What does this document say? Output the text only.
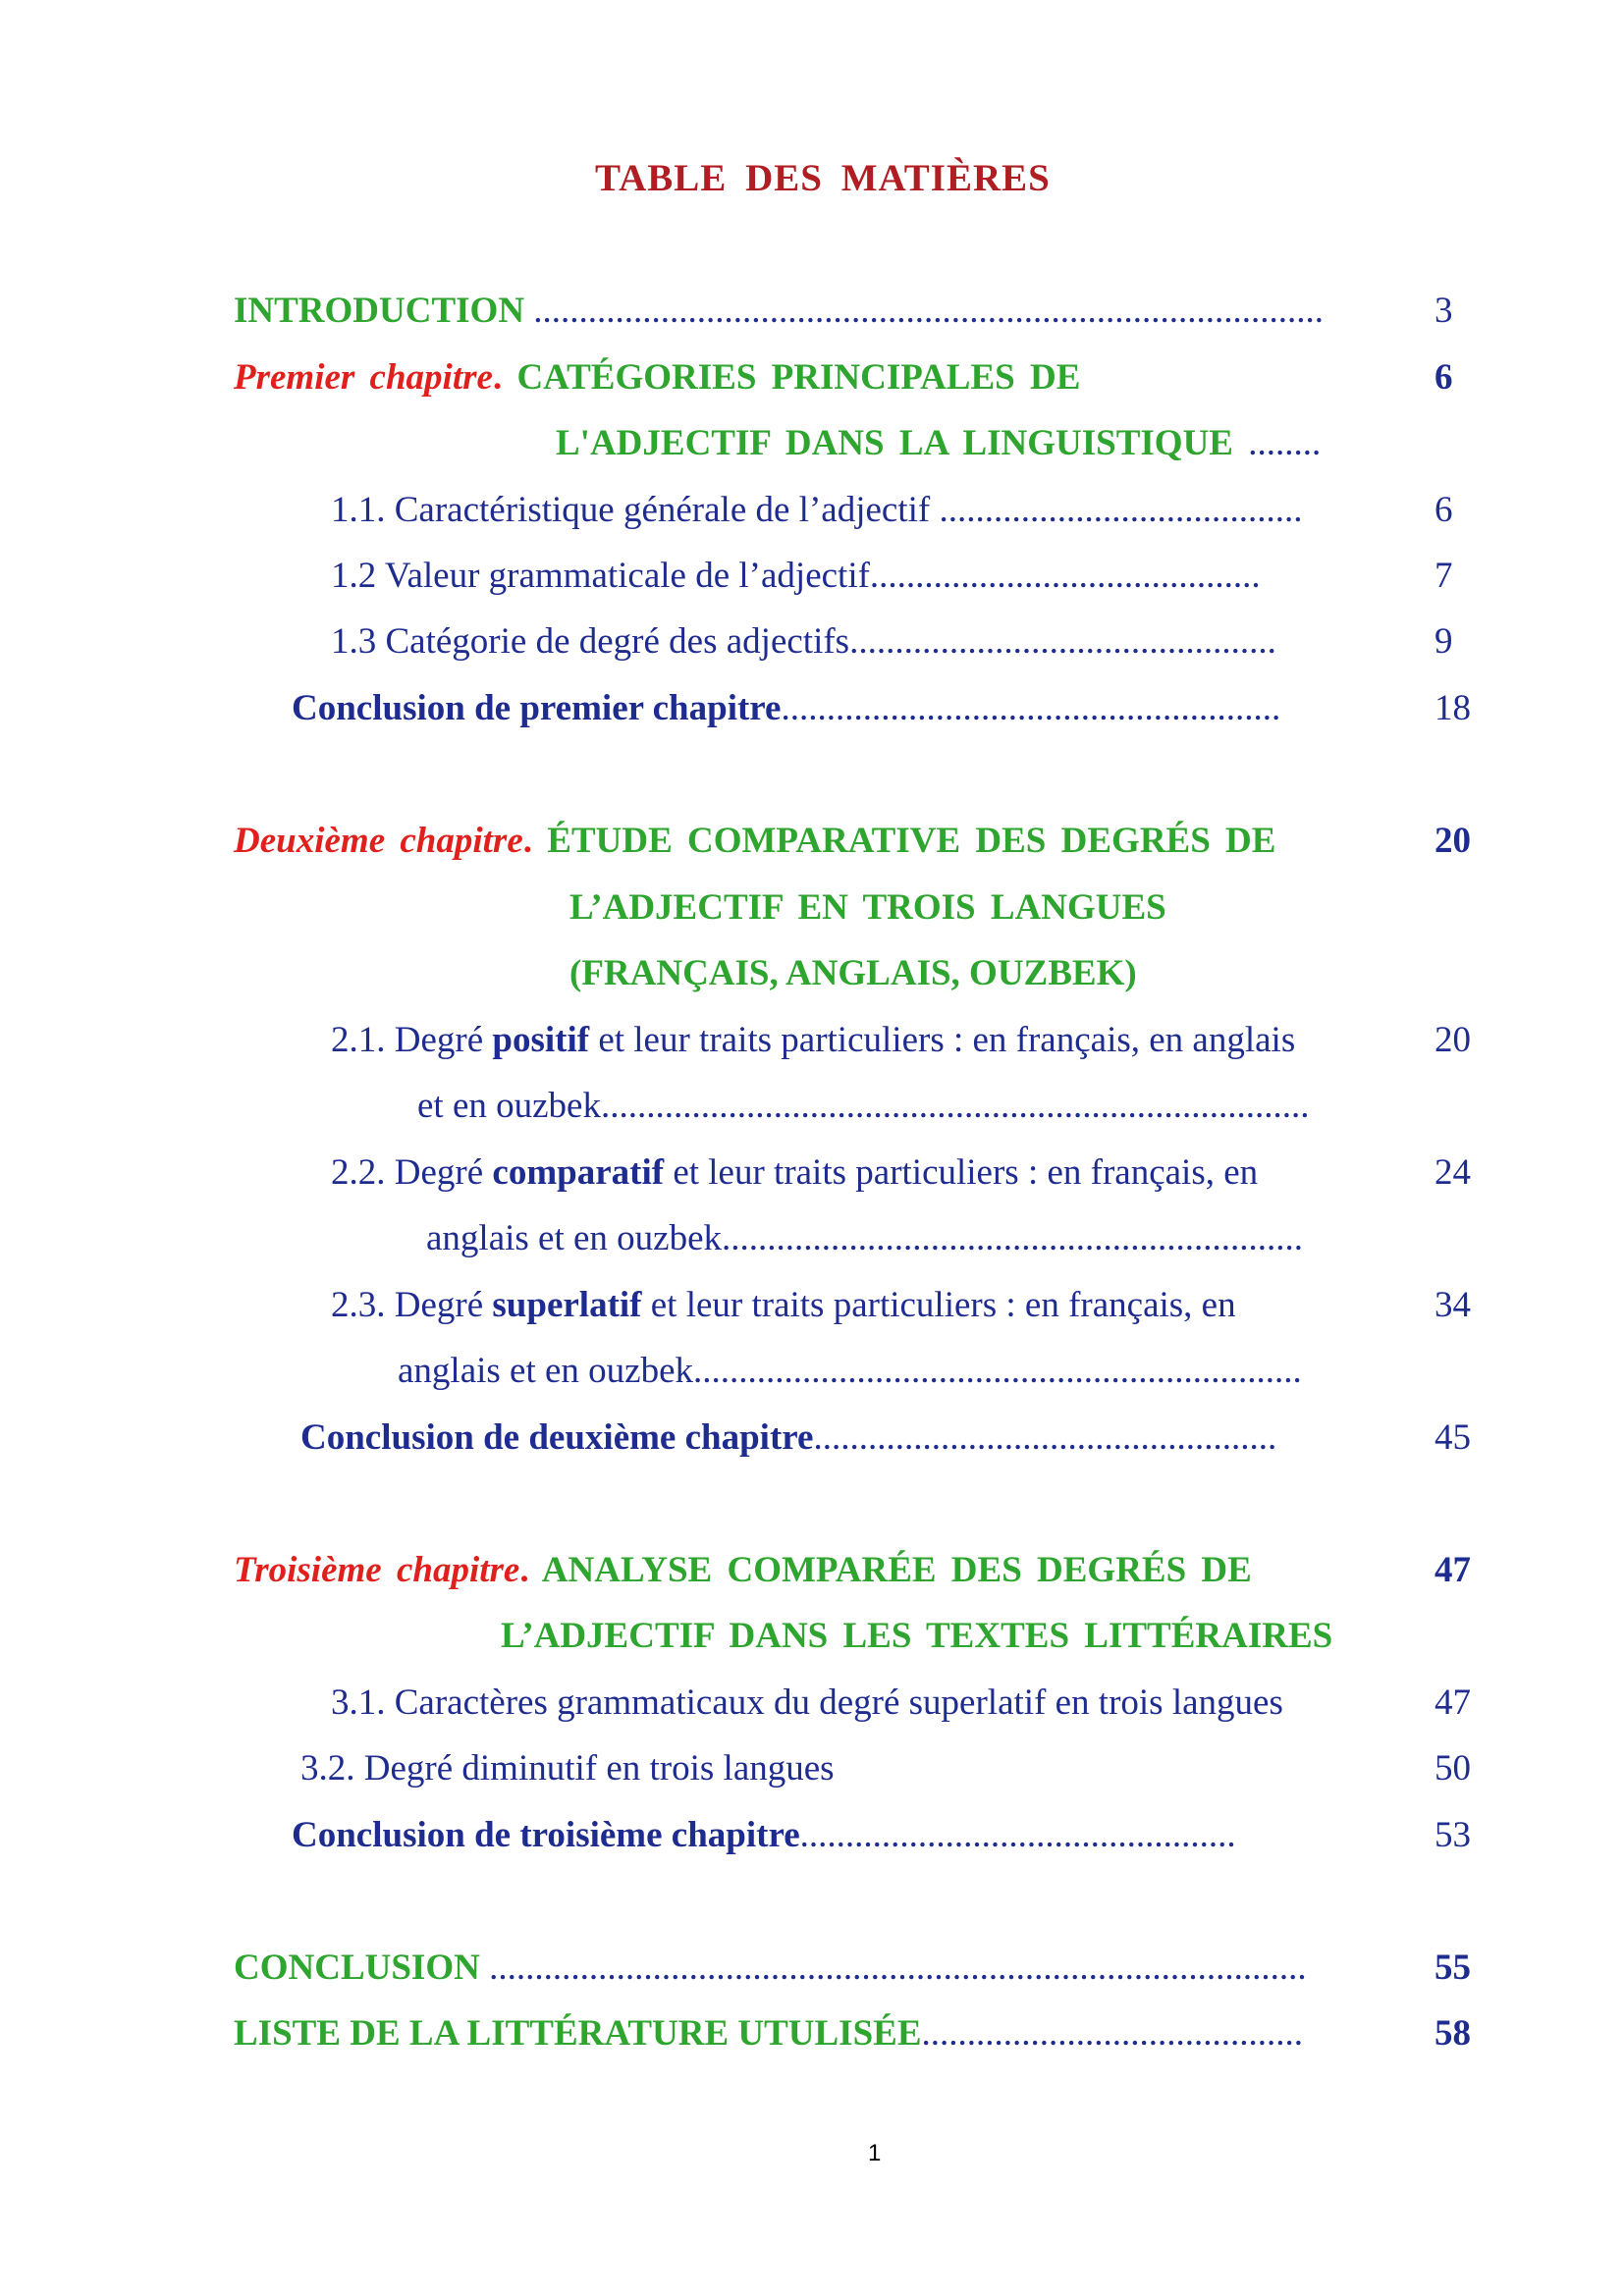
TABLE DES MATIÈRES
INTRODUCTION .......................................................................................	3
Premier chapitre. CATÉGORIES PRINCIPALES DE	6
L'ADJECTIF DANS LA LINGUISTIQUE ........
1.1. Caractéristique générale de l’adjectif ........................................	6
1.2 Valeur grammaticale de l’adjectif...........................................	7
1.3 Catégorie de degré des adjectifs...............................................	9
Conclusion de premier chapitre.......................................................	18
Deuxième chapitre. ÉTUDE COMPARATIVE DES DEGRÉS DE	20
L’ADJECTIF EN TROIS LANGUES
(FRANÇAIS, ANGLAIS, OUZBEK)
2.1. Degré positif et leur traits particuliers : en français, en anglais	20
et en ouzbek..............................................................................
2.2. Degré comparatif et leur traits particuliers : en français, en	24
anglais et en ouzbek................................................................
2.3. Degré superlatif et leur traits particuliers : en français, en	34
anglais et en ouzbek...................................................................
Conclusion de deuxième chapitre...................................................	45
Troisième chapitre. ANALYSE COMPARÉE DES DEGRÉS DE	47
L’ADJECTIF DANS LES TEXTES LITTÉRAIRES
3.1. Caractères grammaticaux du degré superlatif en trois langues	47
3.2. Degré diminutif en trois langues	50
Conclusion de troisième chapitre................................................	53
CONCLUSION ..........................................................................................	55
LISTE DE LA LITTÉRATURE UTULISÉE..........................................	58
1
